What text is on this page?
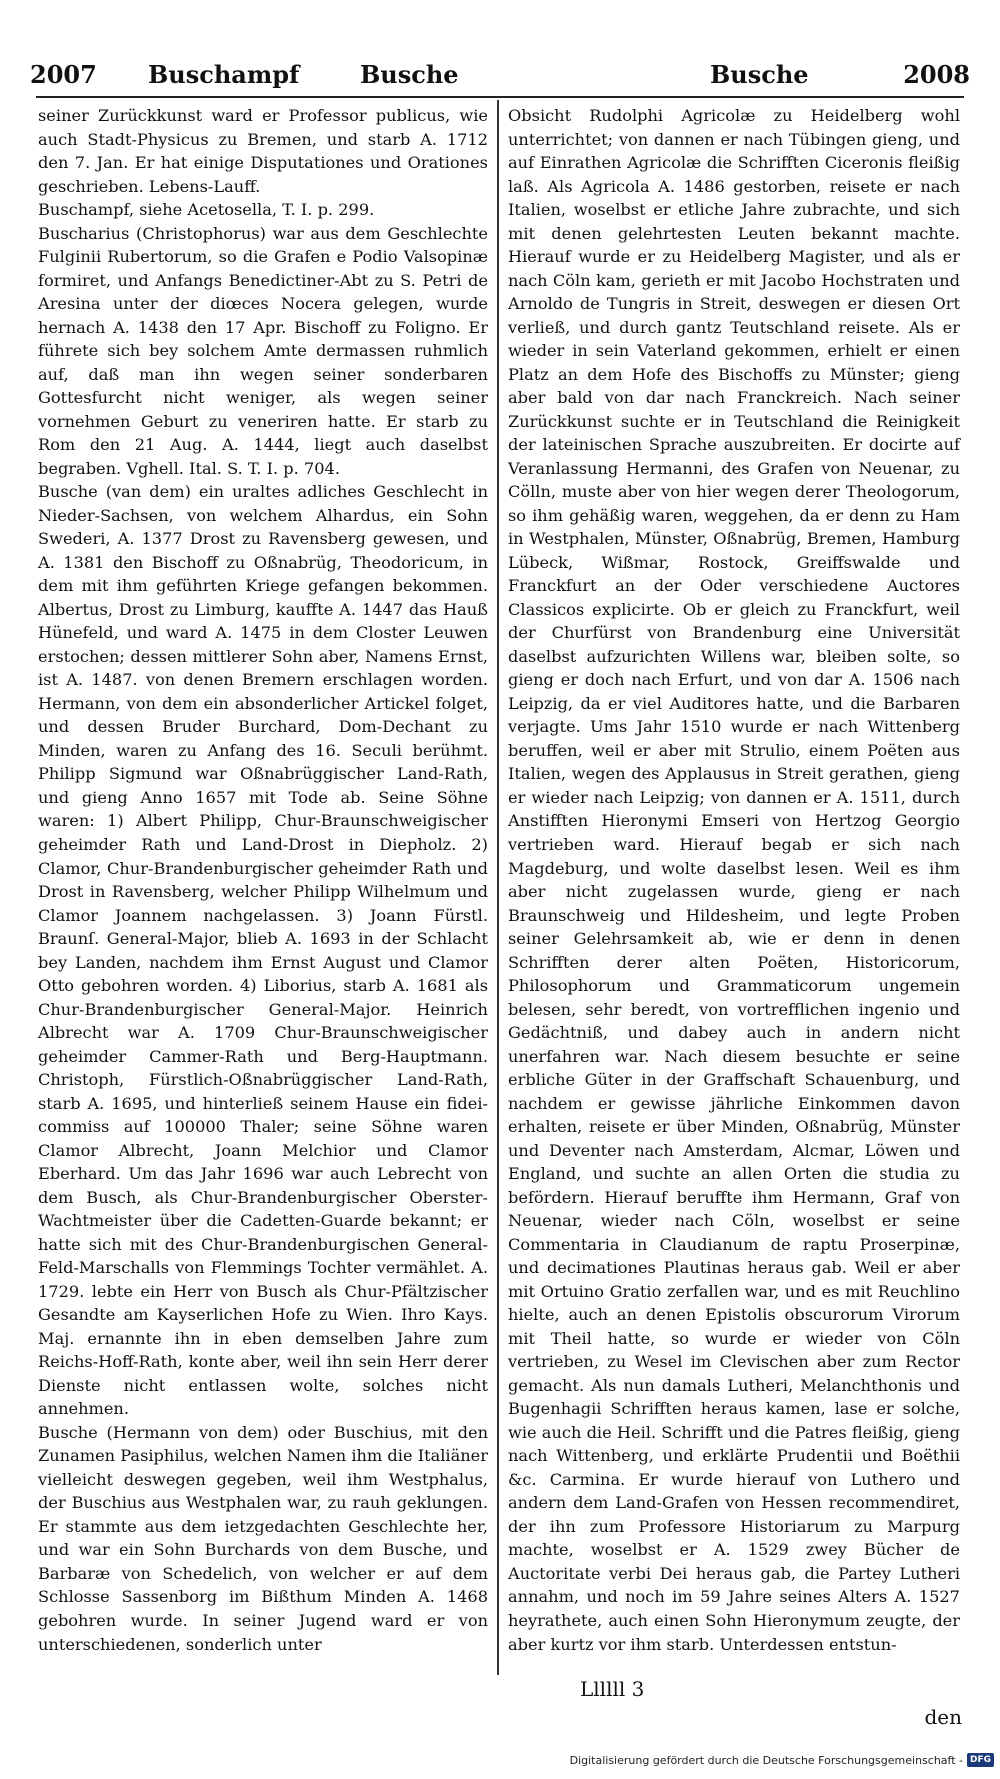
2007 Buschampf	Busche	Busche	2008

seiner Zurückkunst ward er Professor publicus, wie auch Stadt-Physicus zu Bremen, und starb A. 1712 den 7. Jan. Er hat einige Disputationes und Orationes geschrieben. Lebens-Lauff.

Buschampf, siehe Acetosella, T. I. p. 299.

Buscharius (Christophorus) war aus dem Geschlechte Fulginii Rubertorum, so die Grafen e Podio Valsopinæ formiret, und Anfangs Benedictiner-Abt zu S. Petri de Aresina unter der diœces Nocera gelegen, wurde hernach A. 1438 den 17 Apr. Bischoff zu Foligno. Er führete sich bey solchem Amte dermassen ruhmlich auf, daß man ihn wegen seiner sonderbaren Gottesfurcht nicht weniger, als wegen seiner vornehmen Geburt zu veneriren hatte. Er starb zu Rom den 21 Aug. A. 1444, liegt auch daselbst begraben. Vghell. Ital. S. T. I. p. 704.

Busche (van dem) ein uraltes adliches Geschlecht in Nieder-Sachsen, von welchem Alhardus, ein Sohn Swederi, A. 1377 Drost zu Ravensberg gewesen, und A. 1381 den Bischoff zu Oßnabrüg, Theodoricum, in dem mit ihm geführten Kriege gefangen bekommen. Albertus, Drost zu Limburg, kauffte A. 1447 das Hauß Hünefeld, und ward A. 1475 in dem Closter Leuwen erstochen; dessen mittlerer Sohn aber, Namens Ernst, ist A. 1487. von denen Bremern erschlagen worden. Hermann, von dem ein absonderlicher Artickel folget, und dessen Bruder Burchard, Dom-Dechant zu Minden, waren zu Anfang des 16. Seculi berühmt. Philipp Sigmund war Oßnabrüggischer Land-Rath, und gieng Anno 1657 mit Tode ab. Seine Söhne waren: 1) Albert Philipp, Chur-Braunschweigischer geheimder Rath und Land-Drost in Diepholz. 2) Clamor, Chur-Brandenburgischer geheimder Rath und Drost in Ravensberg, welcher Philipp Wilhelmum und Clamor Joannem nachgelassen. 3) Joann Fürstl. Braunſ. General-Major, blieb A. 1693 in der Schlacht bey Landen, nachdem ihm Ernst August und Clamor Otto gebohren worden. 4) Liborius, starb A. 1681 als Chur-Brandenburgischer General-Major. Heinrich Albrecht war A. 1709 Chur-Braunschweigischer geheimder Cammer-Rath und Berg-Hauptmann. Christoph, Fürstlich-Oßnabrüggischer Land-Rath, starb A. 1695, und hinterließ seinem Hause ein fidei-commiss auf 100000 Thaler; seine Söhne waren Clamor Albrecht, Joann Melchior und Clamor Eberhard. Um das Jahr 1696 war auch Lebrecht von dem Busch, als Chur-Brandenburgischer Oberster-Wachtmeister über die Cadetten-Guarde bekannt; er hatte sich mit des Chur-Brandenburgischen General-Feld-Marschalls von Flemmings Tochter vermählet. A. 1729. lebte ein Herr von Busch als Chur-Pfältzischer Gesandte am Kayserlichen Hofe zu Wien. Ihro Kays. Maj. ernannte ihn in eben demselben Jahre zum Reichs-Hoff-Rath, konte aber, weil ihn sein Herr derer Dienste nicht entlassen wolte, solches nicht annehmen.

Busche (Hermann von dem) oder Buschius, mit den Zunamen Pasiphilus, welchen Namen ihm die Italiäner vielleicht deswegen gegeben, weil ihm Westphalus, der Buschius aus Westphalen war, zu rauh geklungen. Er stammte aus dem ietzgedachten Geschlechte her, und war ein Sohn Burchards von dem Busche, und Barbaræ von Schedelich, von welcher er auf dem Schlosse Sassenborg im Bißthum Minden A. 1468 gebohren wurde. In seiner Jugend ward er von unterschiedenen, sonderlich unter

Obsicht Rudolphi Agricolæ zu Heidelberg wohl unterrichtet; von dannen er nach Tübingen gieng, und auf Einrathen Agricolæ die Schrifften Ciceronis fleißig laß. Als Agricola A. 1486 gestorben, reisete er nach Italien, woselbst er etliche Jahre zubrachte, und sich mit denen gelehrtesten Leuten bekannt machte. Hierauf wurde er zu Heidelberg Magister, und als er nach Cöln kam, gerieth er mit Jacobo Hochstraten und Arnoldo de Tungris in Streit, deswegen er diesen Ort verließ, und durch gantz Teutschland reisete. Als er wieder in sein Vaterland gekommen, erhielt er einen Platz an dem Hofe des Bischoffs zu Münster; gieng aber bald von dar nach Franckreich. Nach seiner Zurückkunst suchte er in Teutschland die Reinigkeit der lateinischen Sprache auszubreiten. Er docirte auf Veranlassung Hermanni, des Grafen von Neuenar, zu Cölln, muste aber von hier wegen derer Theologorum, so ihm gehäßig waren, weggehen, da er denn zu Ham in Westphalen, Münster, Oßnabrüg, Bremen, Hamburg Lübeck, Wißmar, Rostock, Greiffswalde und Franckfurt an der Oder verschiedene Auctores Classicos explicirte. Ob er gleich zu Franckfurt, weil der Churfürst von Brandenburg eine Universität daselbst aufzurichten Willens war, bleiben solte, so gieng er doch nach Erfurt, und von dar A. 1506 nach Leipzig, da er viel Auditores hatte, und die Barbaren verjagte. Ums Jahr 1510 wurde er nach Wittenberg beruffen, weil er aber mit Strulio, einem Poëten aus Italien, wegen des Applausus in Streit gerathen, gieng er wieder nach Leipzig; von dannen er A. 1511, durch Anstifften Hieronymi Emseri von Hertzog Georgio vertrieben ward. Hierauf begab er sich nach Magdeburg, und wolte daselbst lesen. Weil es ihm aber nicht zugelassen wurde, gieng er nach Braunschweig und Hildesheim, und legte Proben seiner Gelehrsamkeit ab, wie er denn in denen Schrifften derer alten Poëten, Historicorum, Philosophorum und Grammaticorum ungemein belesen, sehr beredt, von vortrefflichen ingenio und Gedächtniß, und dabey auch in andern nicht unerfahren war. Nach diesem besuchte er seine erbliche Güter in der Graffschaft Schauenburg, und nachdem er gewisse jährliche Einkommen davon erhalten, reisete er über Minden, Oßnabrüg, Münster und Deventer nach Amsterdam, Alcmar, Löwen und England, und suchte an allen Orten die studia zu befördern. Hierauf beruffte ihm Hermann, Graf von Neuenar, wieder nach Cöln, woselbst er seine Commentaria in Claudianum de raptu Proserpinæ, und decimationes Plautinas heraus gab. Weil er aber mit Ortuino Gratio zerfallen war, und es mit Reuchlino hielte, auch an denen Epistolis obscurorum Virorum mit Theil hatte, so wurde er wieder von Cöln vertrieben, zu Wesel im Clevischen aber zum Rector gemacht. Als nun damals Lutheri, Melanchthonis und Bugenhagii Schrifften heraus kamen, lase er solche, wie auch die Heil. Schrifft und die Patres fleißig, gieng nach Wittenberg, und erklärte Prudentii und Boëthii &c. Carmina. Er wurde hierauf von Luthero und andern dem Land-Grafen von Hessen recommendiret, der ihn zum Professore Historiarum zu Marpurg machte, woselbst er A. 1529 zwey Bücher de Auctoritate verbi Dei heraus gab, die Partey Lutheri annahm, und noch im 59 Jahre seines Alters A. 1527 heyrathete, auch einen Sohn Hieronymum zeugte, der aber kurtz vor ihm starb. Unterdessen entstun-

Llllll 3
den
Digitalisierung gefördert durch die Deutsche Forschungsgemeinschaft - DFG
